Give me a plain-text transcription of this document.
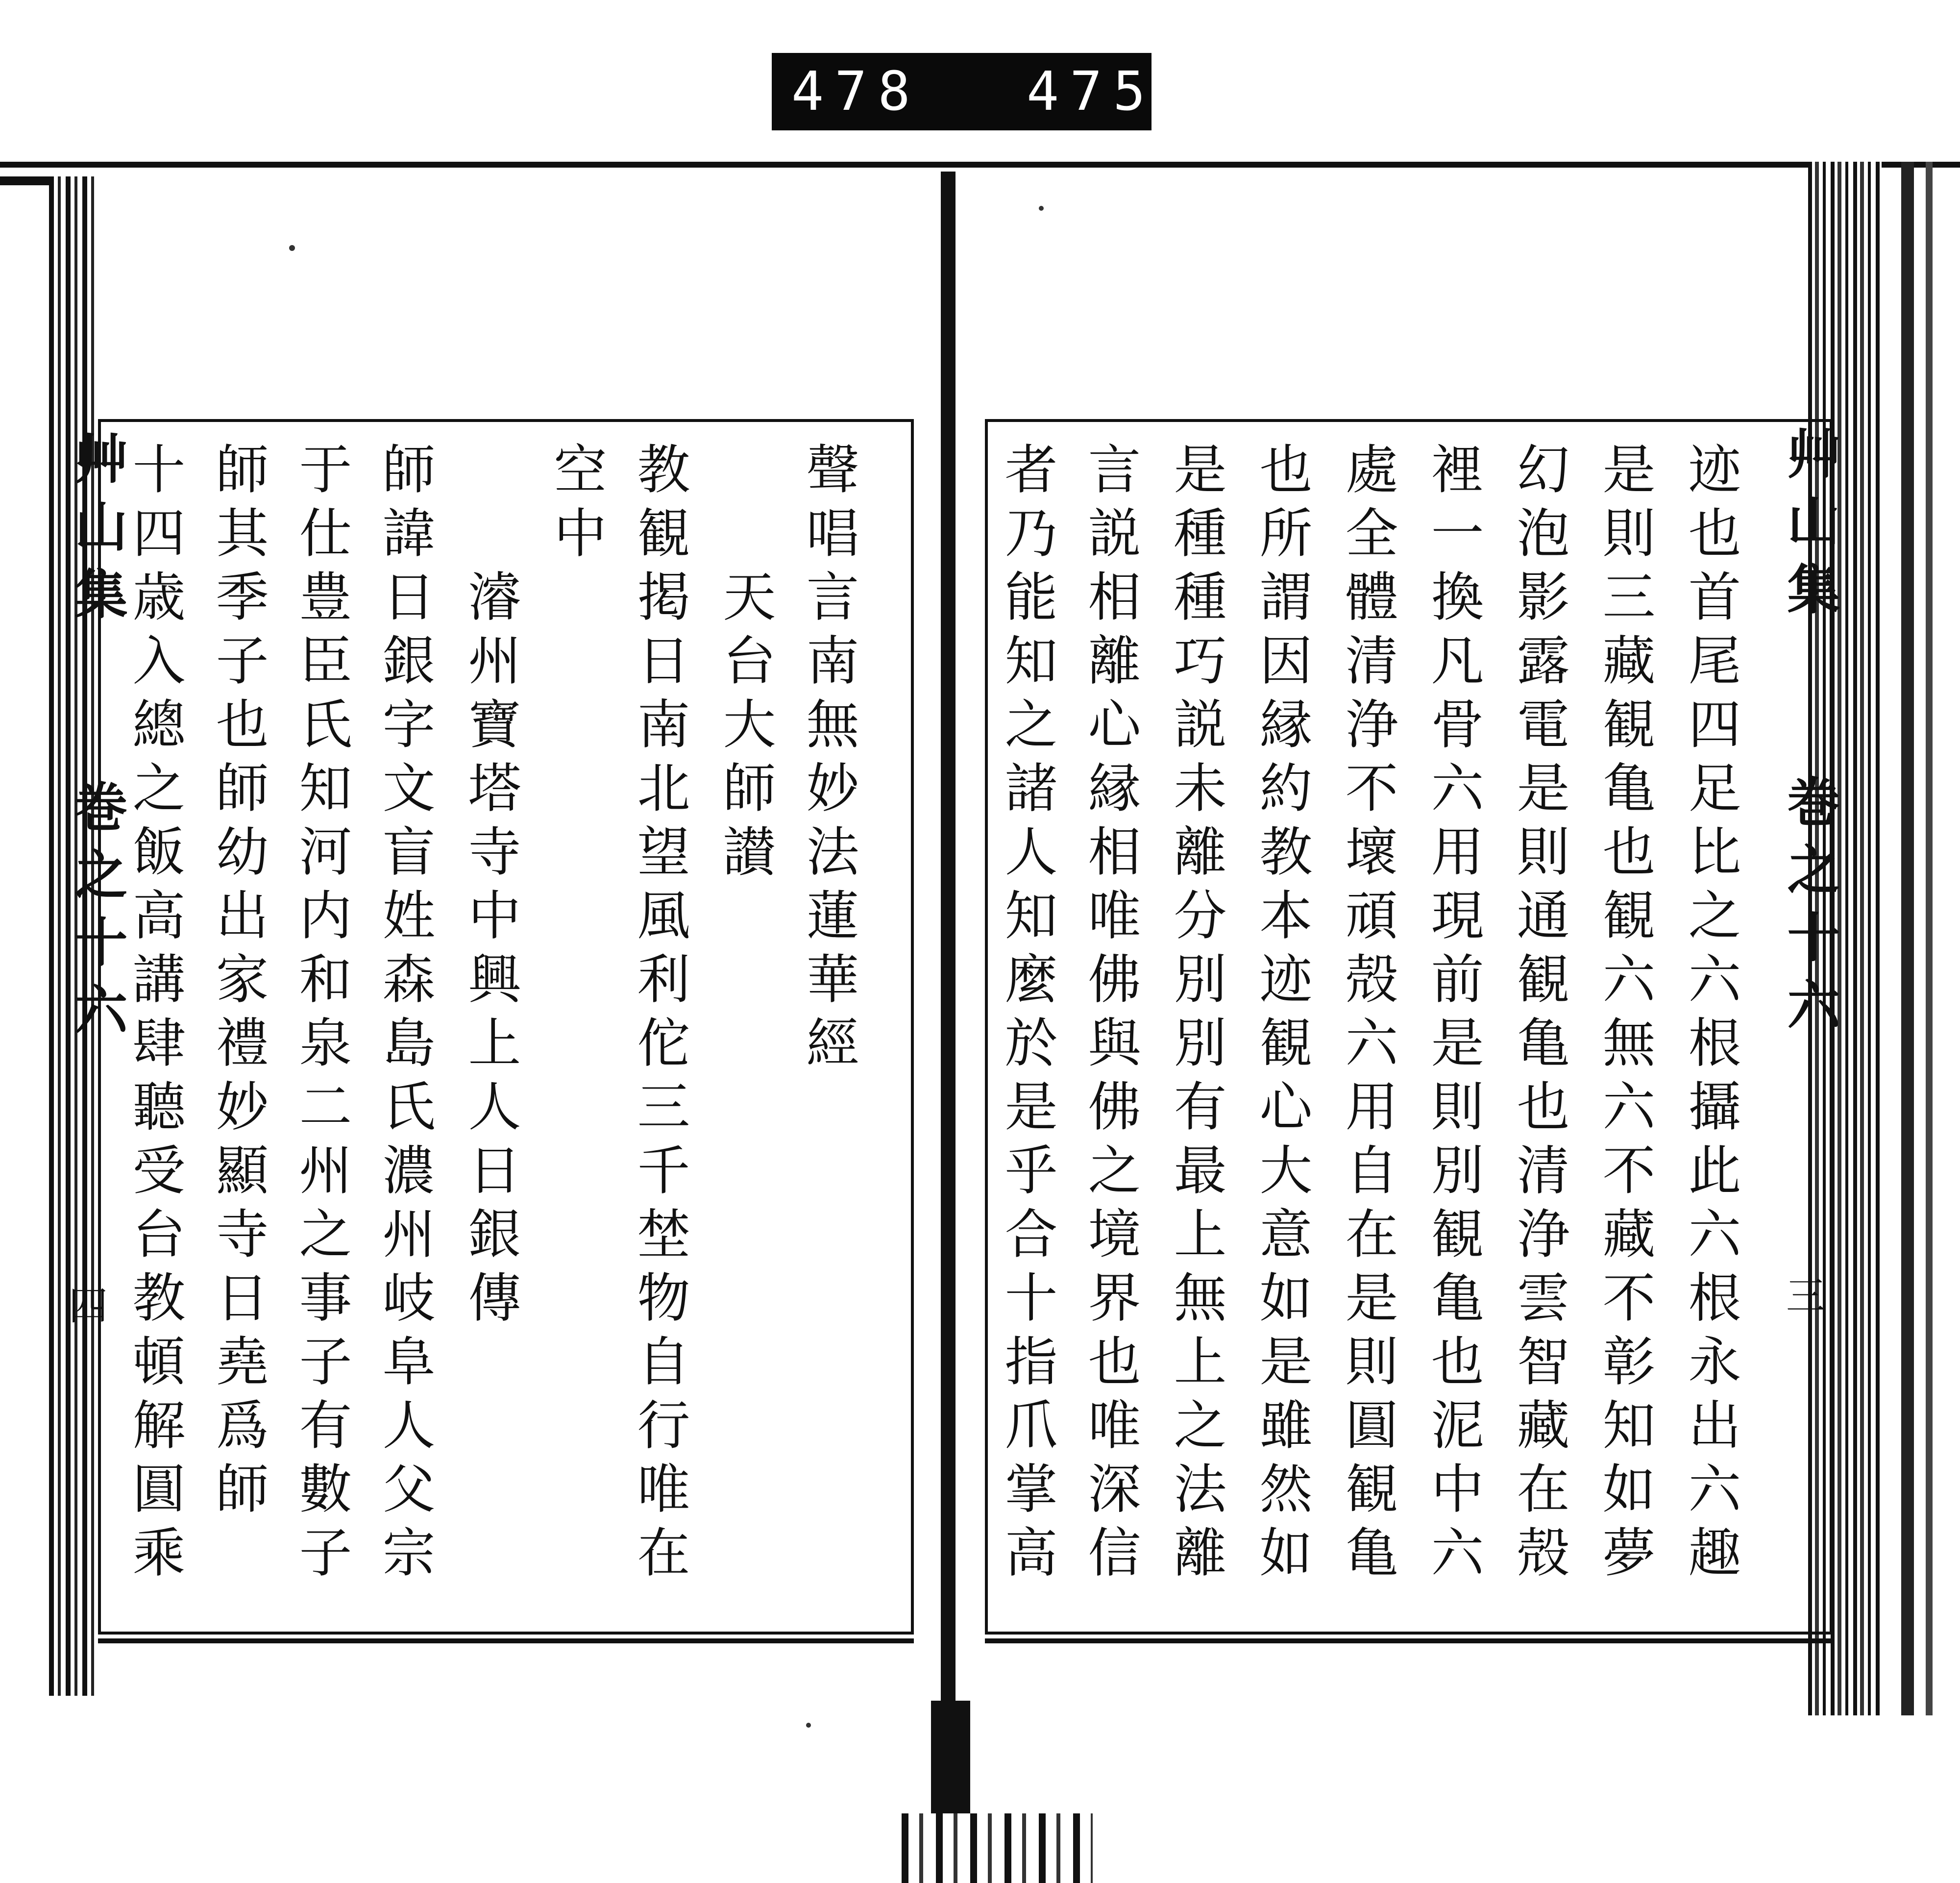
478 475.
艸山集 巻之十六
四
艸山集 巻之十六
三
聲唱言南無妙法蓮華經
天台大師讃
教観掲日南北望風利佗三千埜物自行唯在
空中
師諱日銀字文盲姓森島氏濃州岐阜人父宗 濬州寶塔寺中興上人日銀傳
于仕豊臣氏知河内和泉二州之事子有數子
師其季子也師幼出家禮妙顯寺日堯爲師
十四歳入總之飯高講肆聽受台教頓解圓乘	迹也首尾四足比之六根攝此六根永出六趣
是則三藏観亀也観六無六不藏不彰知如夢
幻泡影露電是則通観亀也清浄雲智藏在殻
裡一換凡骨六用現前是則別観亀也泥中六
處全體清浄不壞頑殻六用自在是則圓観亀
也所謂因縁約教本迹観心大意如是雖然如
是種種巧説未離分別別有最上無上之法離
言説相離心縁相唯佛與佛之境界也唯深信
者乃能知之諸人知麼於是乎合十指爪掌高
